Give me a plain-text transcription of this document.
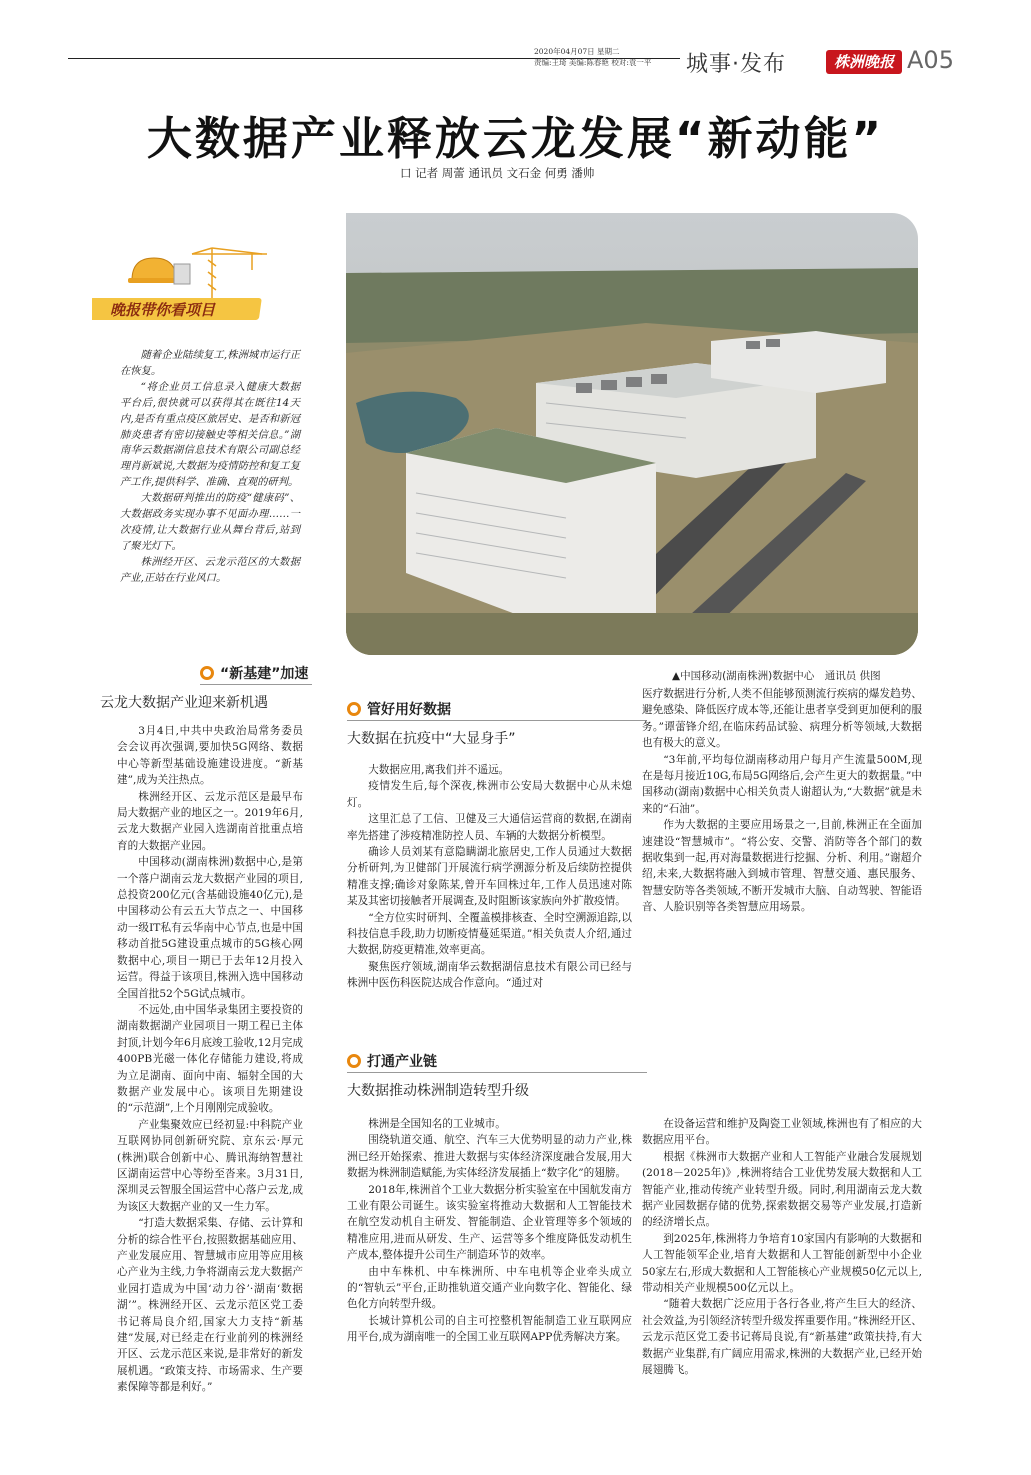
2020年04月07日 星期二
责编:王琦 美编:陈春艳 校对:袁一平 城事·发布	株洲晚报 A05
大数据产业释放云龙发展“新动能”
口 记者 周蕾 通讯员 文石金 何勇 潘帅
晚报带你看项目

随着企业陆续复工,株洲城市运行正在恢复。

“将企业员工信息录入健康大数据平台后,很快就可以获得其在既往14天内,是否有重点疫区旅居史、是否和新冠肺炎患者有密切接触史等相关信息。”湖南华云数据湖信息技术有限公司副总经理肖新斌说,大数据为疫情防控和复工复产工作,提供科学、准确、直观的研判。

大数据研判推出的防疫“健康码”、大数据政务实现办事不见面办理……一次疫情,让大数据行业从舞台背后,站到了聚光灯下。

株洲经开区、云龙示范区的大数据产业,正站在行业风口。

▲中国移动(湖南株洲)数据中心　通讯员 供图
“新基建”加速
云龙大数据产业迎来新机遇

3月4日,中共中央政治局常务委员会会议再次强调,要加快5G网络、数据中心等新型基础设施建设进度。“新基建”,成为关注热点。

株洲经开区、云龙示范区是最早布局大数据产业的地区之一。2019年6月,云龙大数据产业园入选湖南首批重点培育的大数据产业园。

中国移动(湖南株洲)数据中心,是第一个落户湖南云龙大数据产业园的项目,总投资200亿元(含基础设施40亿元),是中国移动公有云五大节点之一、中国移动一级IT私有云华南中心节点,也是中国移动首批5G建设重点城市的5G核心网数据中心,项目一期已于去年12月投入运营。得益于该项目,株洲入选中国移动全国首批52个5G试点城市。

不远处,由中国华录集团主要投资的湖南数据湖产业园项目一期工程已主体封顶,计划今年6月底竣工验收,12月完成400PB光磁一体化存储能力建设,将成为立足湖南、面向中南、辐射全国的大数据产业发展中心。该项目先期建设的“示范湖”,上个月刚刚完成验收。

产业集聚效应已经初显:中科院产业互联网协同创新研究院、京东云·厚元(株洲)联合创新中心、腾讯海纳智慧社区湖南运营中心等纷至沓来。3月31日,深圳灵云智服全国运营中心落户云龙,成为该区大数据产业的又一生力军。

“打造大数据采集、存储、云计算和分析的综合性平台,按照数据基础应用、产业发展应用、智慧城市应用等应用核心产业为主线,力争将湖南云龙大数据产业园打造成为中国‘动力谷’·湖南‘数据湖’”。株洲经开区、云龙示范区党工委书记蒋局良介绍,国家大力支持“新基建”发展,对已经走在行业前列的株洲经开区、云龙示范区来说,是非常好的新发展机遇。“政策支持、市场需求、生产要素保障等都是利好。”

管好用好数据
大数据在抗疫中“大显身手”

大数据应用,离我们并不遥远。

疫情发生后,每个深夜,株洲市公安局大数据中心从未熄灯。

这里汇总了工信、卫健及三大通信运营商的数据,在湖南率先搭建了涉疫精准防控人员、车辆的大数据分析模型。

确诊人员刘某有意隐瞒湖北旅居史,工作人员通过大数据分析研判,为卫健部门开展流行病学溯源分析及后续防控提供精准支撑;确诊对象陈某,曾开车回株过年,工作人员迅速对陈某及其密切接触者开展调查,及时阻断该家族向外扩散疫情。

“全方位实时研判、全覆盖模排核查、全时空溯源追踪,以科技信息手段,助力切断疫情蔓延渠道。”相关负责人介绍,通过大数据,防疫更精准,效率更高。

聚焦医疗领域,湖南华云数据湖信息技术有限公司已经与株洲中医伤科医院达成合作意向。“通过对

医疗数据进行分析,人类不但能够预测流行疾病的爆发趋势、避免感染、降低医疗成本等,还能让患者享受到更加便利的服务。”谭蕾锋介绍,在临床药品试验、病理分析等领域,大数据也有极大的意义。

“3年前,平均每位湖南移动用户每月产生流量500M,现在是每月接近10G,布局5G网络后,会产生更大的数据量。”中国移动(湖南)数据中心相关负责人谢超认为,“大数据”就是未来的“石油”。

作为大数据的主要应用场景之一,目前,株洲正在全面加速建设“智慧城市”。“将公安、交警、消防等各个部门的数据收集到一起,再对海量数据进行挖掘、分析、利用。”谢超介绍,未来,大数据将融入到城市管理、智慧交通、惠民服务、智慧安防等各类领域,不断开发城市大脑、自动驾驶、智能语音、人脸识别等各类智慧应用场景。

打通产业链
大数据推动株洲制造转型升级

株洲是全国知名的工业城市。

围绕轨道交通、航空、汽车三大优势明显的动力产业,株洲已经开始探索、推进大数据与实体经济深度融合发展,用大数据为株洲制造赋能,为实体经济发展插上“数字化”的翅膀。

2018年,株洲首个工业大数据分析实验室在中国航发南方工业有限公司诞生。该实验室将推动大数据和人工智能技术在航空发动机自主研发、智能制造、企业管理等多个领域的精准应用,进而从研发、生产、运营等多个维度降低发动机生产成本,整体提升公司生产制造环节的效率。

由中车株机、中车株洲所、中车电机等企业牵头成立的“智轨云”平台,正助推轨道交通产业向数字化、智能化、绿色化方向转型升级。

长城计算机公司的自主可控整机智能制造工业互联网应用平台,成为湖南唯一的全国工业互联网APP优秀解决方案。

在设备运营和维护及陶瓷工业领域,株洲也有了相应的大数据应用平台。

根据《株洲市大数据产业和人工智能产业融合发展规划(2018－2025年)》,株洲将结合工业优势发展大数据和人工智能产业,推动传统产业转型升级。同时,利用湖南云龙大数据产业园数据存储的优势,探索数据交易等产业发展,打造新的经济增长点。

到2025年,株洲将力争培育10家国内有影响的大数据和人工智能领军企业,培育大数据和人工智能创新型中小企业50家左右,形成大数据和人工智能核心产业规模50亿元以上,带动相关产业规模500亿元以上。

“随着大数据广泛应用于各行各业,将产生巨大的经济、社会效益,为引领经济转型升级发挥重要作用。”株洲经开区、云龙示范区党工委书记蒋局良说,有“新基建”政策扶持,有大数据产业集群,有广阔应用需求,株洲的大数据产业,已经开始展翅腾飞。
